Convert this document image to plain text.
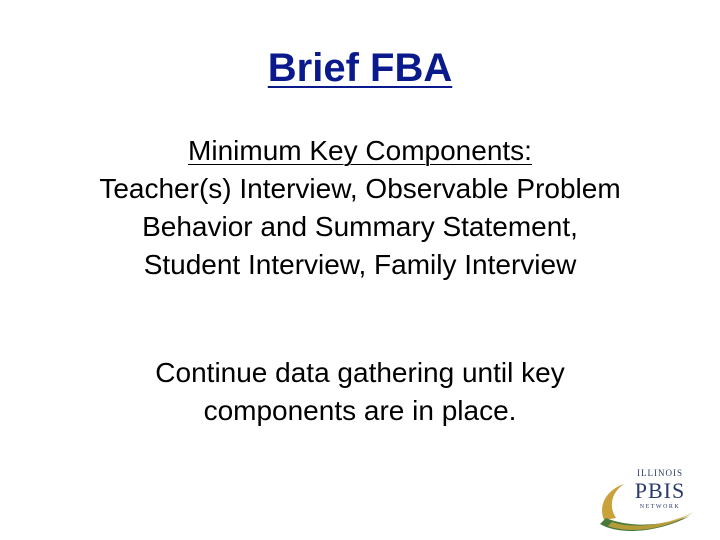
Brief FBA

Minimum Key Components:

Teacher(s) Interview, Observable Problem

Behavior and Summary Statement,

Student Interview, Family Interview

Continue data gathering until key

components are in place.

ILLINOIS
PBIS
NETWORK
